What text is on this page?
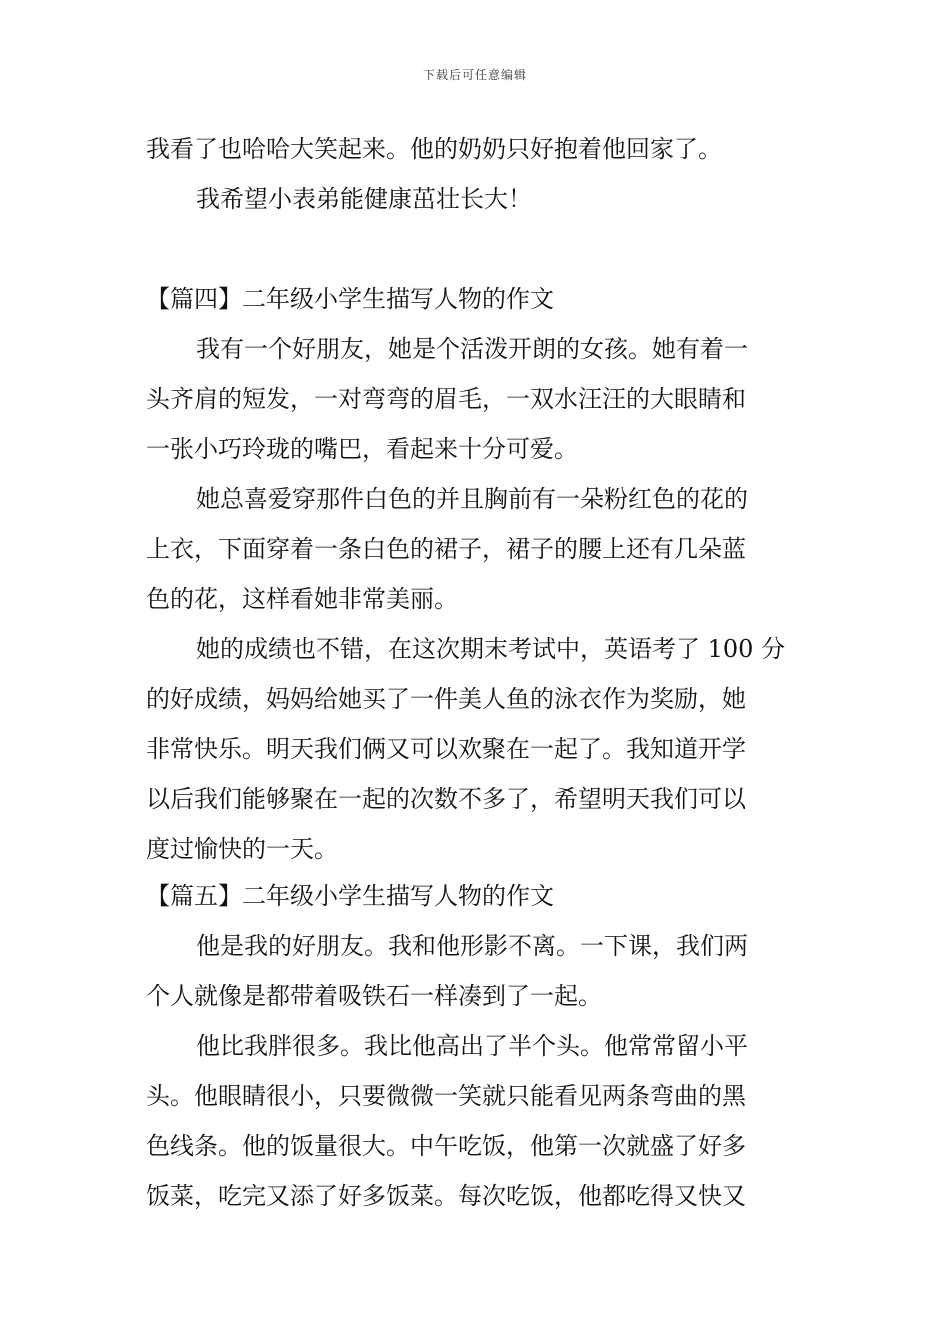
下载后可任意编辑
我看了也哈哈大笑起来。他的奶奶只好抱着他回家了。
我希望小表弟能健康茁壮长大！
【篇四】二年级小学生描写人物的作文
我有一个好朋友，她是个活泼开朗的女孩。她有着一
头齐肩的短发，一对弯弯的眉毛，一双水汪汪的大眼睛和
一张小巧玲珑的嘴巴，看起来十分可爱。
她总喜爱穿那件白色的并且胸前有一朵粉红色的花的
上衣，下面穿着一条白色的裙子，裙子的腰上还有几朵蓝
色的花，这样看她非常美丽。
她的成绩也不错，在这次期末考试中，英语考了 100 分
的好成绩，妈妈给她买了一件美人鱼的泳衣作为奖励，她
非常快乐。明天我们俩又可以欢聚在一起了。我知道开学
以后我们能够聚在一起的次数不多了，希望明天我们可以
度过愉快的一天。
【篇五】二年级小学生描写人物的作文
他是我的好朋友。我和他形影不离。一下课，我们两
个人就像是都带着吸铁石一样凑到了一起。
他比我胖很多。我比他高出了半个头。他常常留小平
头。他眼睛很小，只要微微一笑就只能看见两条弯曲的黑
色线条。他的饭量很大。中午吃饭，他第一次就盛了好多
饭菜，吃完又添了好多饭菜。每次吃饭，他都吃得又快又
